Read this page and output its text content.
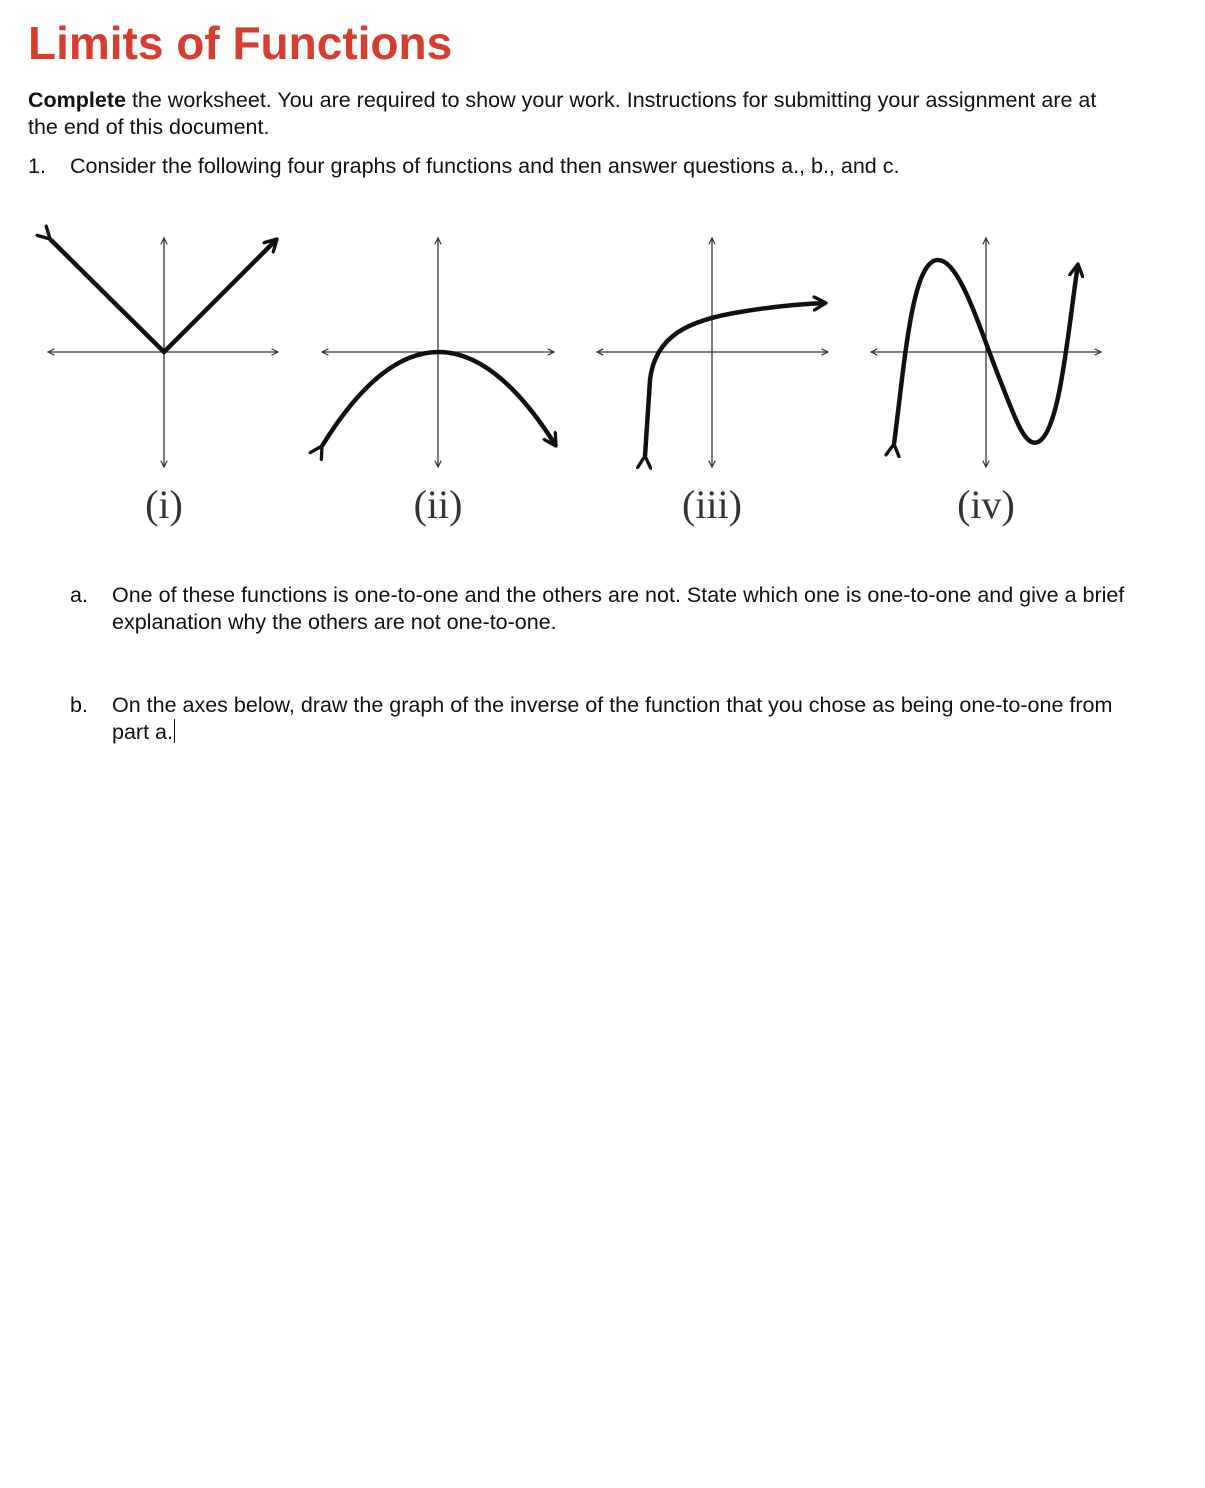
Limits of Functions
Complete the worksheet. You are required to show your work. Instructions for submitting your assignment are at the end of this document.
1. Consider the following four graphs of functions and then answer questions a., b., and c.
(i)	(ii)	(iii)	(iv)
a. One of these functions is one-to-one and the others are not. State which one is one-to-one and give a brief explanation why the others are not one-to-one.
b. On the axes below, draw the graph of the inverse of the function that you chose as being one-to-one from part a.
